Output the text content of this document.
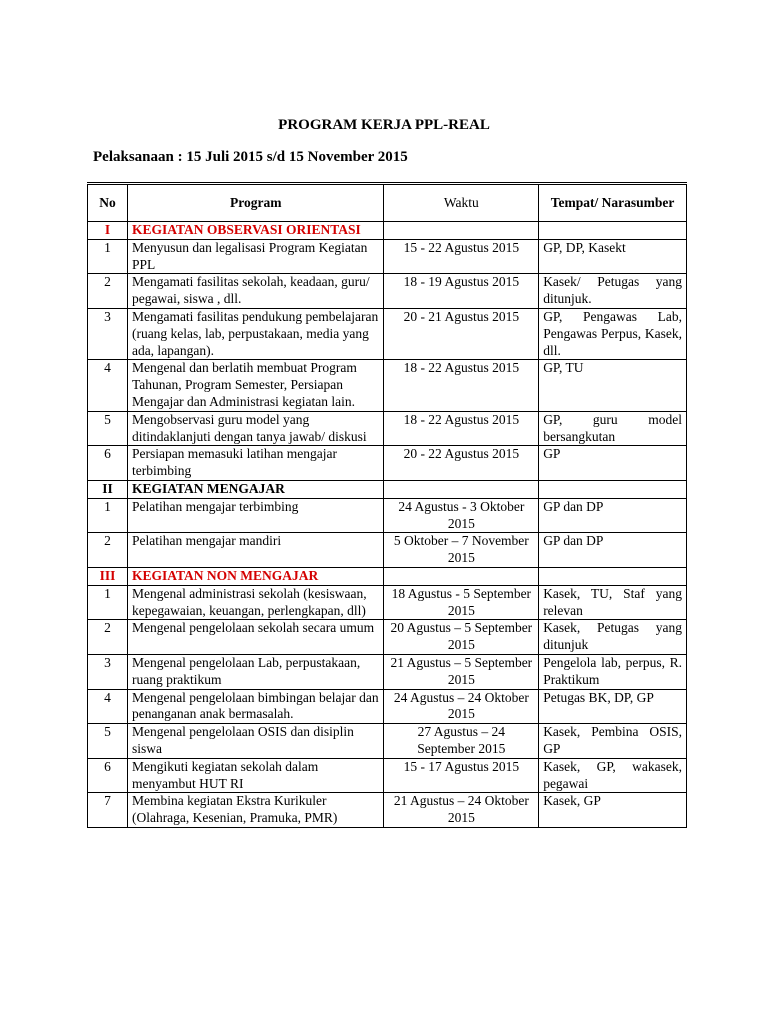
PROGRAM KERJA PPL-REAL
Pelaksanaan : 15 Juli 2015 s/d 15 November 2015
No	Program	Waktu	Tempat/ Narasumber
I	KEGIATAN OBSERVASI ORIENTASI		
1	Menyusun dan legalisasi Program Kegiatan PPL	15 - 22 Agustus 2015	GP, DP, Kasekt
2	Mengamati fasilitas sekolah, keadaan, guru/ pegawai, siswa , dll.	18 - 19 Agustus 2015	Kasek/ Petugas yang ditunjuk.
3	Mengamati fasilitas pendukung pembelajaran (ruang kelas, lab, perpustakaan, media yang ada, lapangan).	20 - 21 Agustus 2015	GP, Pengawas Lab, Pengawas Perpus, Kasek, dll.
4	Mengenal dan berlatih membuat Program Tahunan, Program Semester, Persiapan Mengajar dan Administrasi kegiatan lain.	18 - 22 Agustus 2015	GP, TU
5	Mengobservasi guru model yang ditindaklanjuti dengan tanya jawab/ diskusi	18 - 22 Agustus 2015	GP, guru model bersangkutan
6	Persiapan memasuki latihan mengajar terbimbing	20 - 22 Agustus 2015	GP
II	KEGIATAN MENGAJAR		
1	Pelatihan mengajar terbimbing	24 Agustus - 3 Oktober 2015	GP dan DP
2	Pelatihan mengajar mandiri	5 Oktober – 7 November 2015	GP dan DP
III	KEGIATAN NON MENGAJAR		
1	Mengenal administrasi sekolah (kesiswaan, kepegawaian, keuangan, perlengkapan, dll)	18 Agustus - 5 September 2015	Kasek, TU, Staf yang relevan
2	Mengenal pengelolaan sekolah secara umum	20 Agustus – 5 September 2015	Kasek, Petugas yang ditunjuk
3	Mengenal pengelolaan Lab, perpustakaan, ruang praktikum	21 Agustus – 5 September 2015	Pengelola lab, perpus, R. Praktikum
4	Mengenal pengelolaan bimbingan belajar dan penanganan anak bermasalah.	24 Agustus – 24 Oktober 2015	Petugas BK, DP, GP
5	Mengenal pengelolaan OSIS dan disiplin siswa	27 Agustus – 24 September 2015	Kasek, Pembina OSIS, GP
6	Mengikuti kegiatan sekolah dalam menyambut HUT RI	15 - 17 Agustus 2015	Kasek, GP, wakasek, pegawai
7	Membina kegiatan Ekstra Kurikuler (Olahraga, Kesenian, Pramuka, PMR)	21 Agustus – 24 Oktober 2015	Kasek, GP
